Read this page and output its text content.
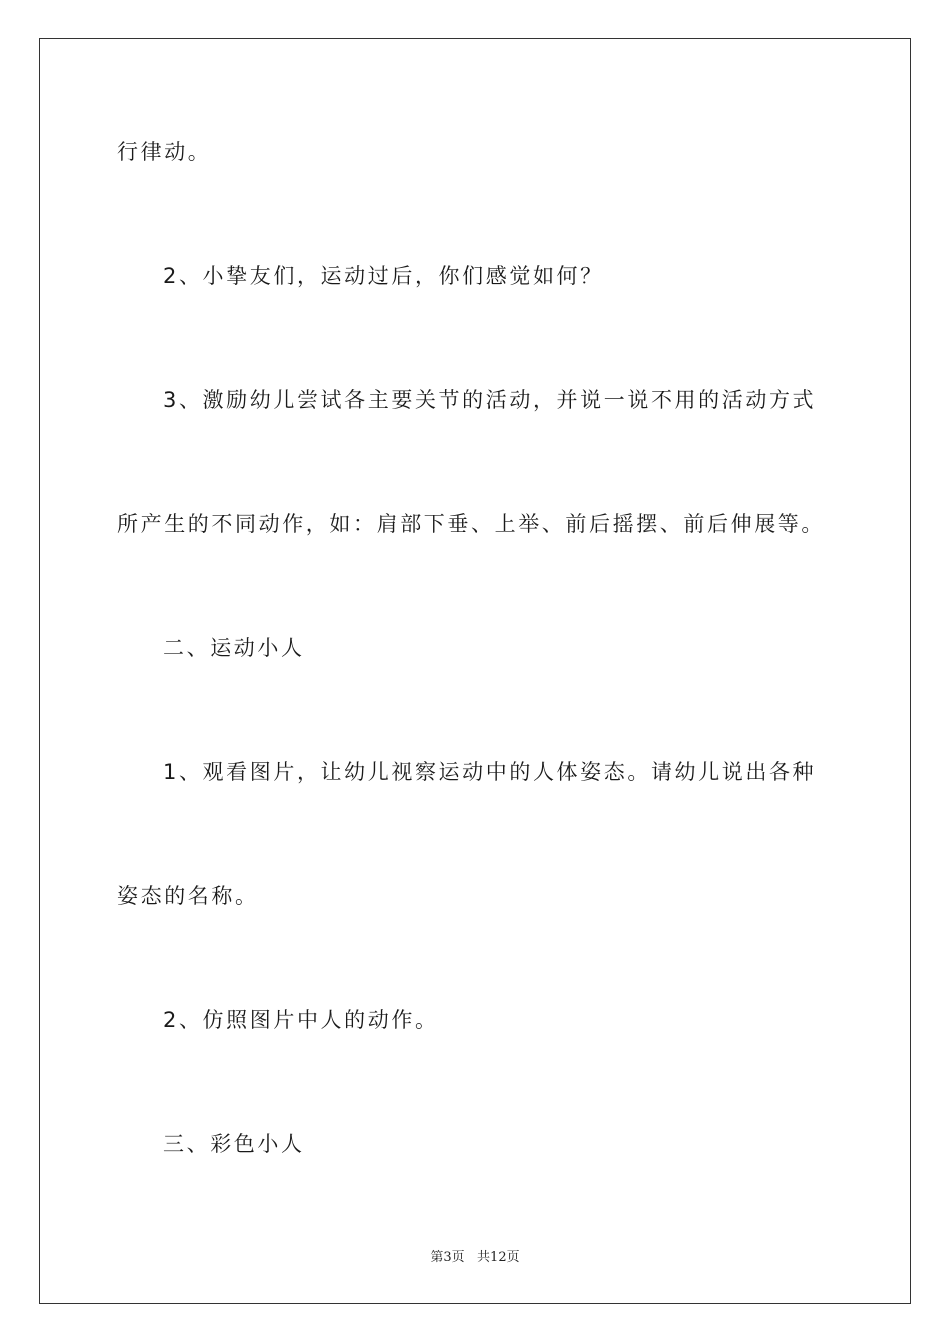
行律动。
2、小挚友们，运动过后，你们感觉如何？
3、激励幼儿尝试各主要关节的活动，并说一说不用的活动方式
所产生的不同动作，如：肩部下垂、上举、前后摇摆、前后伸展等。
二、运动小人
1、观看图片，让幼儿视察运动中的人体姿态。请幼儿说出各种
姿态的名称。
2、仿照图片中人的动作。
三、彩色小人
第3页   共12页
